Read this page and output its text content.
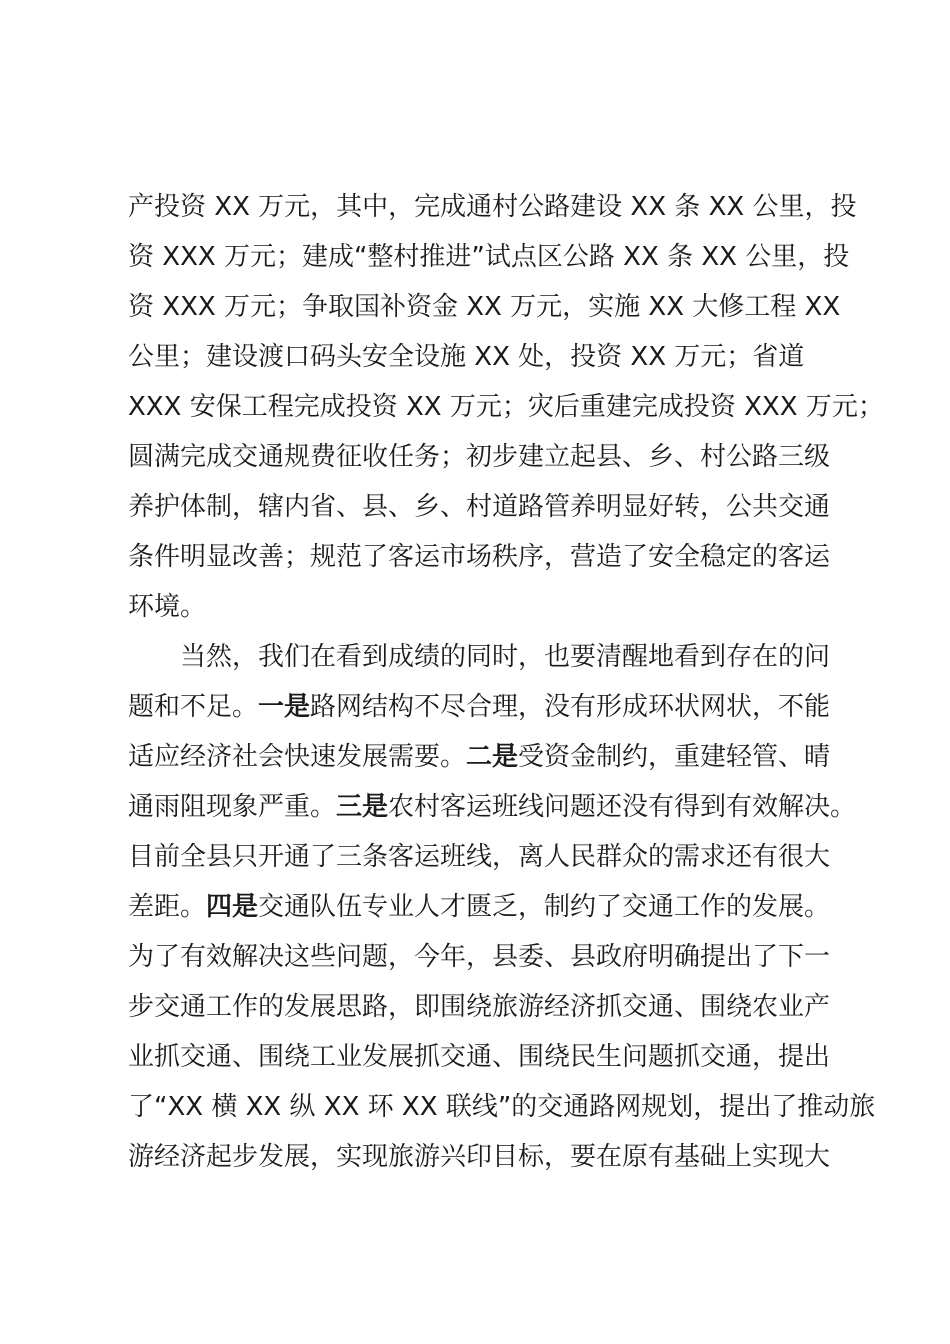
产投资 XX 万元，其中，完成通村公路建设 XX 条 XX 公里，投
资 XXX 万元；建成“整村推进”试点区公路 XX 条 XX 公里，投
资 XXX 万元；争取国补资金 XX 万元，实施 XX 大修工程 XX
公里；建设渡口码头安全设施 XX 处，投资 XX 万元；省道
XXX 安保工程完成投资 XX 万元；灾后重建完成投资 XXX 万元；
圆满完成交通规费征收任务；初步建立起县、乡、村公路三级
养护体制，辖内省、县、乡、村道路管养明显好转，公共交通
条件明显改善；规范了客运市场秩序，营造了安全稳定的客运
环境。
当然，我们在看到成绩的同时，也要清醒地看到存在的问
题和不足。一是路网结构不尽合理，没有形成环状网状，不能
适应经济社会快速发展需要。二是受资金制约，重建轻管、晴
通雨阻现象严重。三是农村客运班线问题还没有得到有效解决。
目前全县只开通了三条客运班线，离人民群众的需求还有很大
差距。四是交通队伍专业人才匮乏，制约了交通工作的发展。
为了有效解决这些问题，今年，县委、县政府明确提出了下一
步交通工作的发展思路，即围绕旅游经济抓交通、围绕农业产
业抓交通、围绕工业发展抓交通、围绕民生问题抓交通，提出
了“XX 横 XX 纵 XX 环 XX 联线”的交通路网规划，提出了推动旅
游经济起步发展，实现旅游兴印目标，要在原有基础上实现大
